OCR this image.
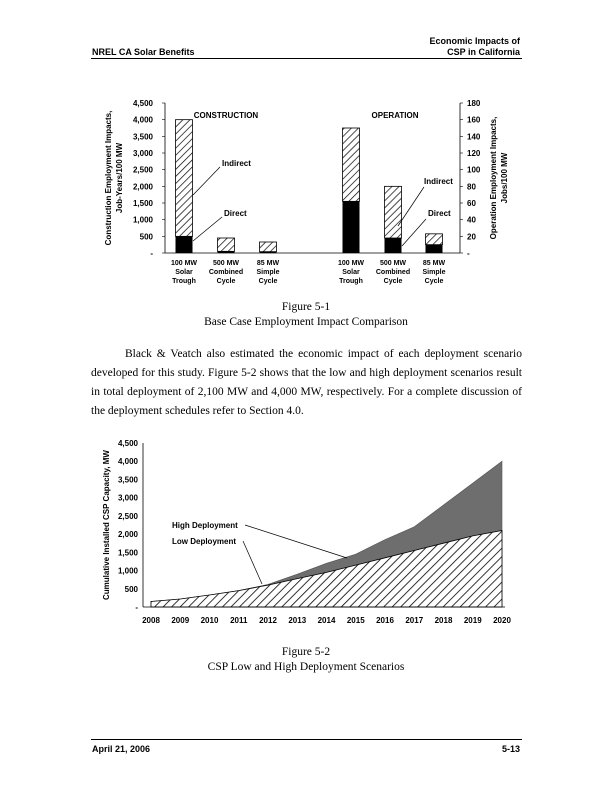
NREL CA Solar Benefits
Economic Impacts of
CSP in California
-
500
1,000
1,500
2,000
2,500
3,000
3,500
4,000
4,500
-
20
40
60
80
100
120
140
160
180
Construction Employment Impacts, Job-Years/100 MW	Operation Employment Impacts, Jobs/100 MW
CONSTRUCTION	OPERATION
100 MW
Solar
Trough
500 MW
Combined
Cycle
85 MW
Simple
Cycle
100 MW
Solar
Trough
500 MW
Combined
Cycle
85 MW
Simple
Cycle
Indirect
Direct
Indirect
Direct
Figure 5-1
Base Case Employment Impact Comparison

Black & Veatch also estimated the economic impact of each deployment scenario developed for this study. Figure 5-2 shows that the low and high deployment scenarios result in total deployment of 2,100 MW and 4,000 MW, respectively. For a complete discussion of the deployment schedules refer to Section 4.0.

-
500
1,000
1,500
2,000
2,500
3,000
3,500
4,000
4,500
2008 2009 2010 2011 2012 2013 2014 2015 2016 2017 2018 2019 2020
Cumulative Installed CSP Capacity, MW	High Deployment
Low Deployment
Figure 5-2
CSP Low and High Deployment Scenarios
April 21, 2006	5-13
